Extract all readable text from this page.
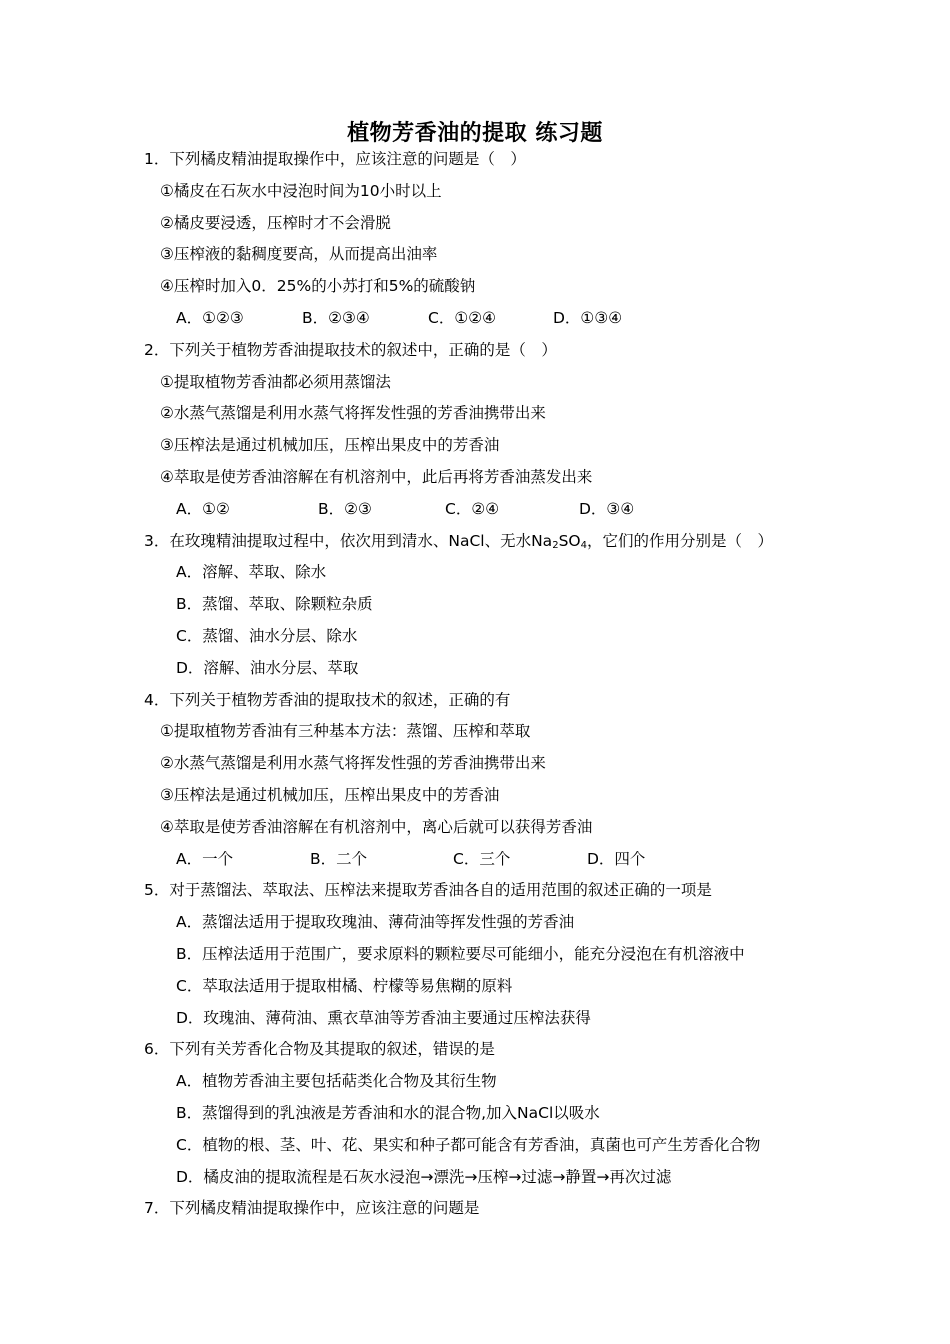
植物芳香油的提取 练习题
1．下列橘皮精油提取操作中，应该注意的问题是（　）
①橘皮在石灰水中浸泡时间为10小时以上
②橘皮要浸透，压榨时才不会滑脱
③压榨液的黏稠度要高，从而提高出油率
④压榨时加入0．25%的小苏打和5%的硫酸钠
A．①②③	B．②③④	C．①②④	D．①③④
2．下列关于植物芳香油提取技术的叙述中，正确的是（　）
①提取植物芳香油都必须用蒸馏法
②水蒸气蒸馏是利用水蒸气将挥发性强的芳香油携带出来
③压榨法是通过机械加压，压榨出果皮中的芳香油
④萃取是使芳香油溶解在有机溶剂中，此后再将芳香油蒸发出来
A．①②	B．②③	C．②④	D．③④
3．在玫瑰精油提取过程中，依次用到清水、NaCl、无水$Na_2SO_4$，它们的作用分别是（　）
A．溶解、萃取、除水
B．蒸馏、萃取、除颗粒杂质
C．蒸馏、油水分层、除水
D．溶解、油水分层、萃取
4．下列关于植物芳香油的提取技术的叙述，正确的有
①提取植物芳香油有三种基本方法：蒸馏、压榨和萃取
②水蒸气蒸馏是利用水蒸气将挥发性强的芳香油携带出来
③压榨法是通过机械加压，压榨出果皮中的芳香油
④萃取是使芳香油溶解在有机溶剂中，离心后就可以获得芳香油
A．一个	B．二个	C．三个	D．四个
5．对于蒸馏法、萃取法、压榨法来提取芳香油各自的适用范围的叙述正确的一项是
A．蒸馏法适用于提取玫瑰油、薄荷油等挥发性强的芳香油
B．压榨法适用于范围广，要求原料的颗粒要尽可能细小，能充分浸泡在有机溶液中
C．萃取法适用于提取柑橘、柠檬等易焦糊的原料
D．玫瑰油、薄荷油、熏衣草油等芳香油主要通过压榨法获得
6．下列有关芳香化合物及其提取的叙述，错误的是
A．植物芳香油主要包括萜类化合物及其衍生物
B．蒸馏得到的乳浊液是芳香油和水的混合物,加入NaCl以吸水
C．植物的根、茎、叶、花、果实和种子都可能含有芳香油，真菌也可产生芳香化合物
D．橘皮油的提取流程是石灰水浸泡→漂洗→压榨→过滤→静置→再次过滤
7．下列橘皮精油提取操作中，应该注意的问题是
